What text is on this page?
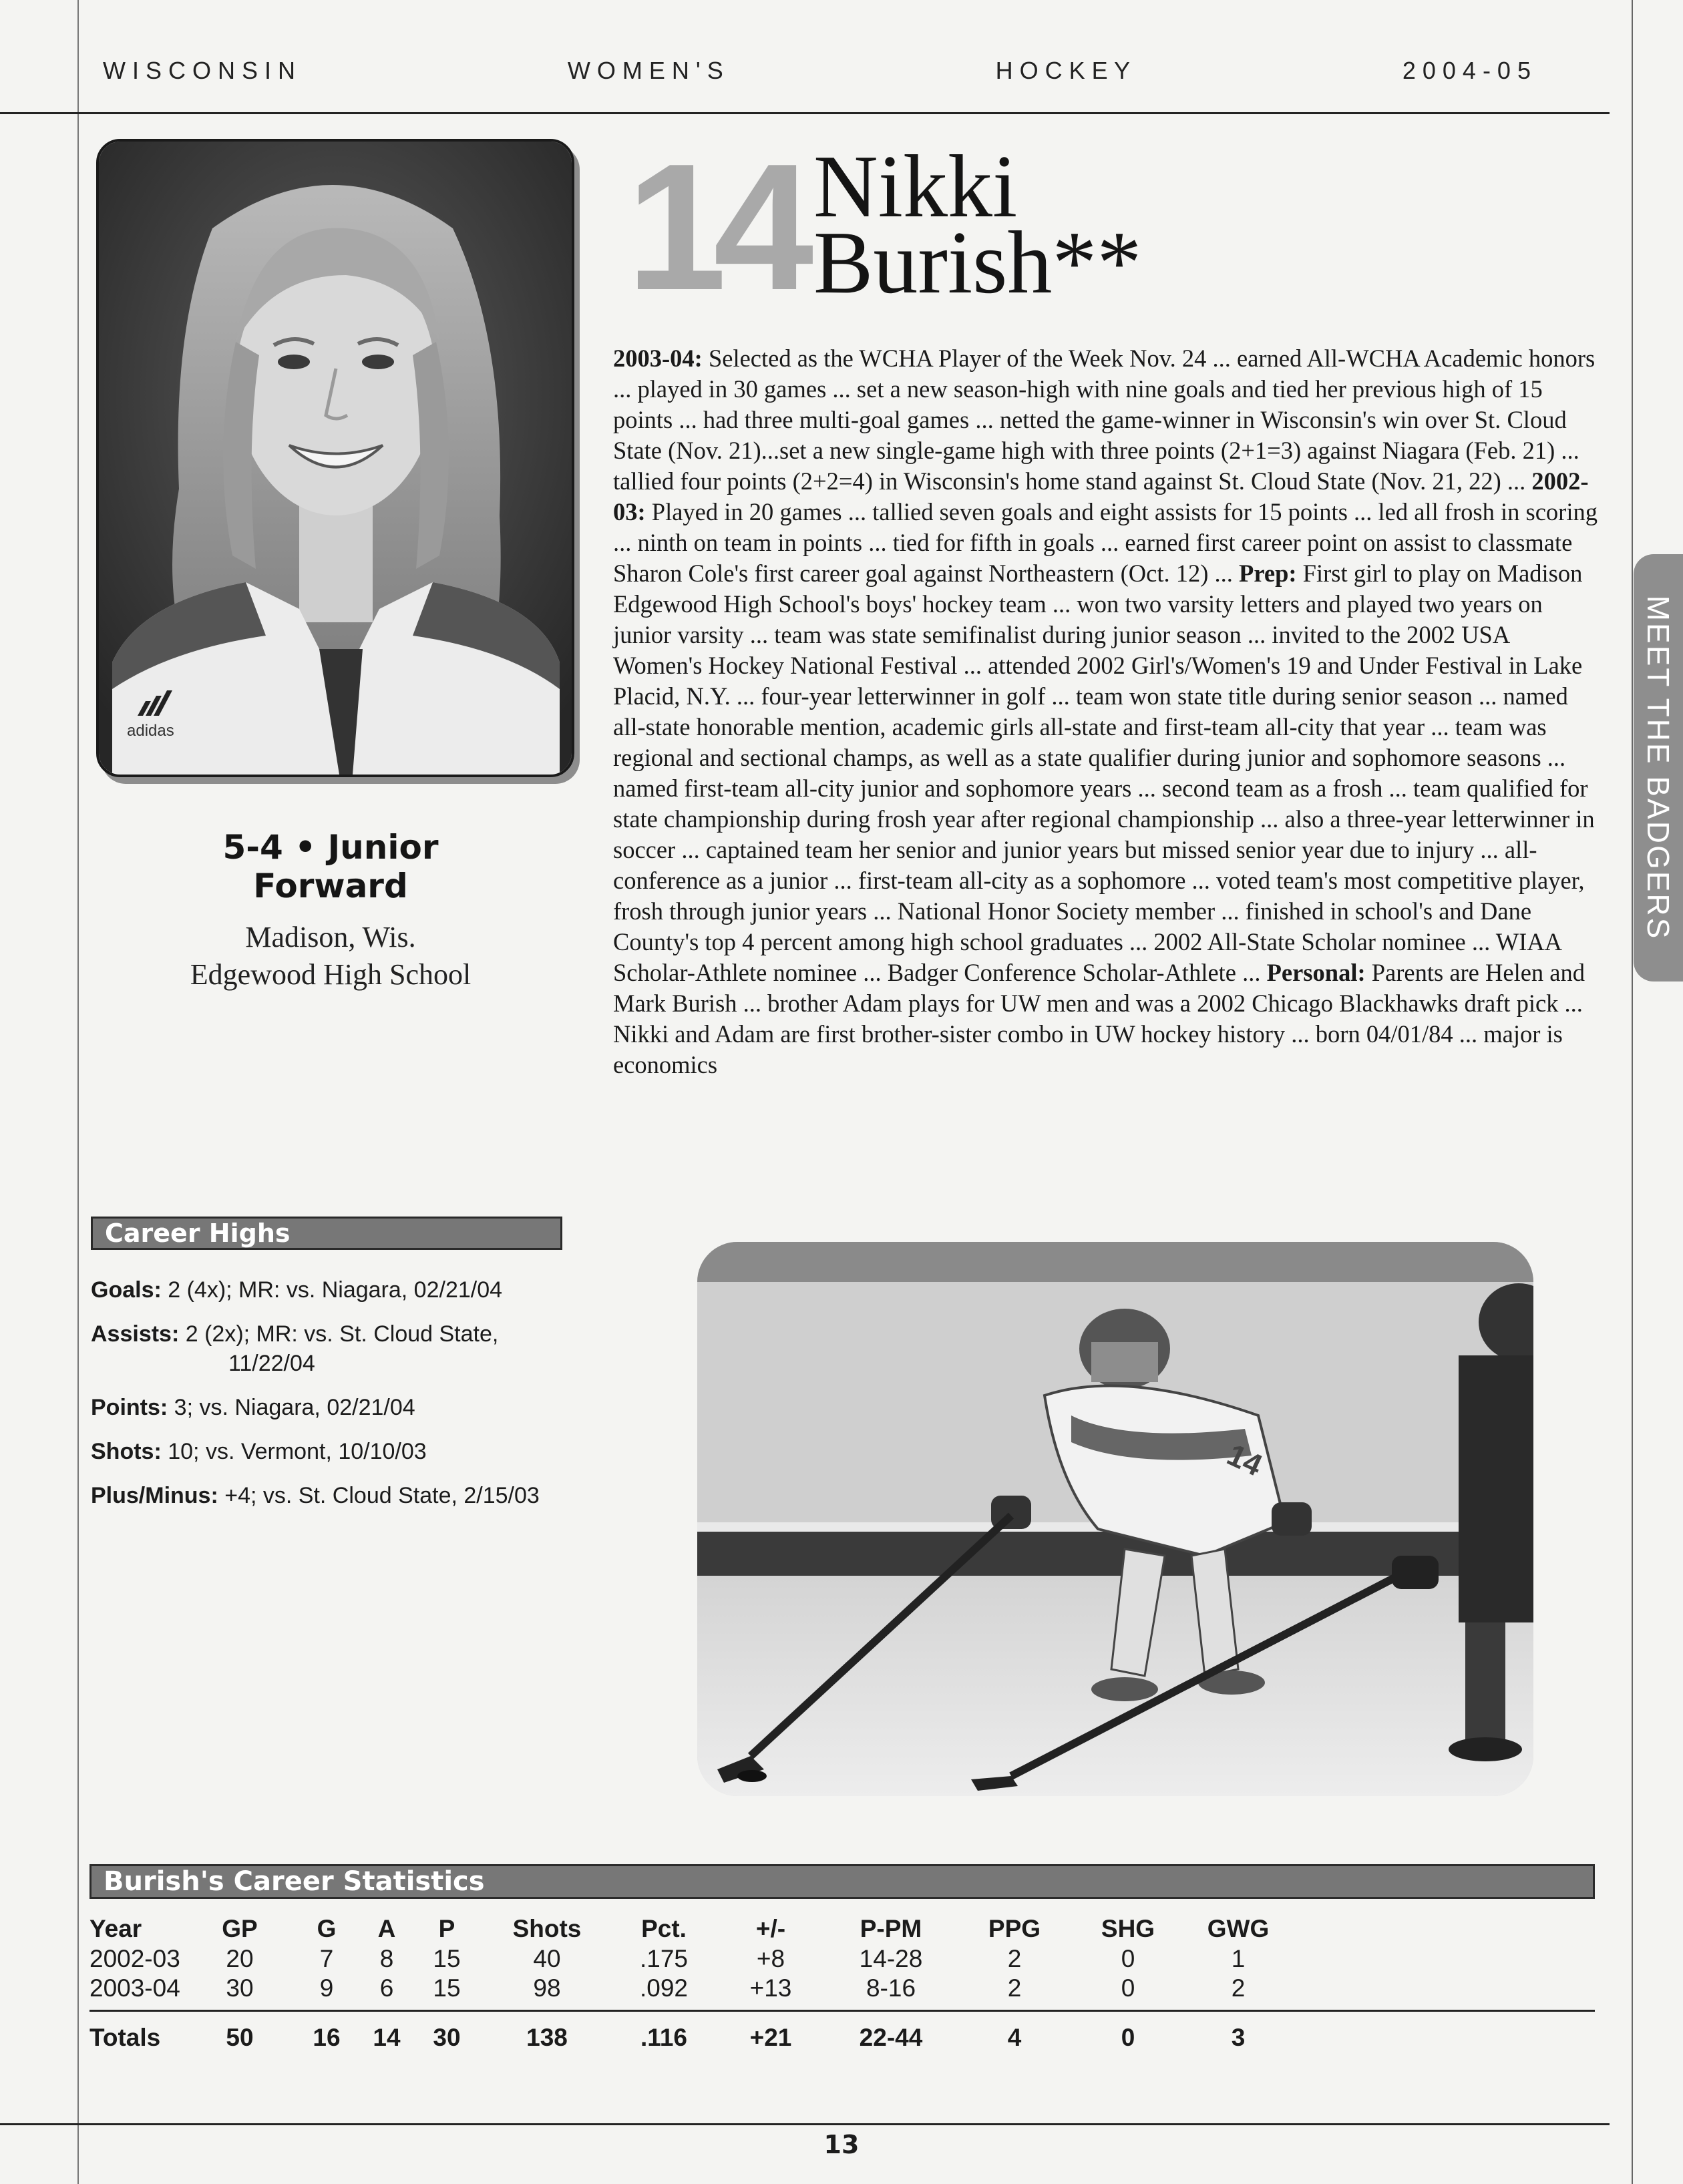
W I S C O N S I N	W O M E N ' S	H O C K E Y	2 0 0 4 - 0 5
MEET THE BADGERS
adidas
14 Nikki
Burish**
2003-04: Selected as the WCHA Player of the Week Nov. 24 ... earned All-WCHA Academic honors ... played in 30 games ... set a new season-high with nine goals and tied her previous high of 15 points ... had three multi-goal games ... netted the game-winner in Wisconsin's win over St. Cloud State (Nov. 21)...set a new single-game high with three points (2+1=3) against Niagara (Feb. 21) ... tallied four points (2+2=4) in Wisconsin's home stand against St. Cloud State (Nov. 21, 22) ... 2002-03: Played in 20 games ... tallied seven goals and eight assists for 15 points ... led all frosh in scoring ... ninth on team in points ... tied for fifth in goals ... earned first career point on assist to classmate Sharon Cole's first career goal against Northeastern (Oct. 12) ... Prep: First girl to play on Madison Edgewood High School's boys' hockey team ... won two varsity letters and played two years on junior varsity ... team was state semifinalist during junior season ... invited to the 2002 USA Women's Hockey National Festival ... attended 2002 Girl's/Women's 19 and Under Festival in Lake Placid, N.Y. ... four-year letterwinner in golf ... team won state title during senior season ... named all-state honorable mention, academic girls all-state and first-team all-city that year ... team was regional and sectional champs, as well as a state qualifier during junior and sophomore seasons ... named first-team all-city junior and sophomore years ... second team as a frosh ... team qualified for state championship during frosh year after regional championship ... also a three-year letterwinner in soccer ... captained team her senior and junior years but missed senior year due to injury ... all-conference as a junior ... first-team all-city as a sophomore ... voted team's most competitive player, frosh through junior years ... National Honor Society member ... finished in school's and Dane County's top 4 percent among high school graduates ... 2002 All-State Scholar nominee ... WIAA Scholar-Athlete nominee ... Badger Conference Scholar-Athlete ... Personal: Parents are Helen and Mark Burish ... brother Adam plays for UW men and was a 2002 Chicago Blackhawks draft pick ... Nikki and Adam are first brother-sister combo in UW hockey history ... born 04/01/84 ... major is economics
5-4 • Junior
Forward
Madison, Wis.
Edgewood High School
Career Highs
Goals: 2 (4x); MR: vs. Niagara, 02/21/04
Assists: 2 (2x); MR: vs. St. Cloud State,
11/22/04
Points: 3; vs. Niagara, 02/21/04
Shots: 10; vs. Vermont, 10/10/03
Plus/Minus: +4; vs. St. Cloud State, 2/15/03
14
Burish's Career Statistics
Year	GP	G	A	P	Shots	Pct.	+/-	P-PM	PPG	SHG	GWG	
2002-03	20	7	8	15	40	.175	+8	14-28	2	0	1	
2003-04	30	9	6	15	98	.092	+13	8-16	2	0	2	

Totals	50	16	14	30	138	.116	+21	22-44	4	0	3	
13
